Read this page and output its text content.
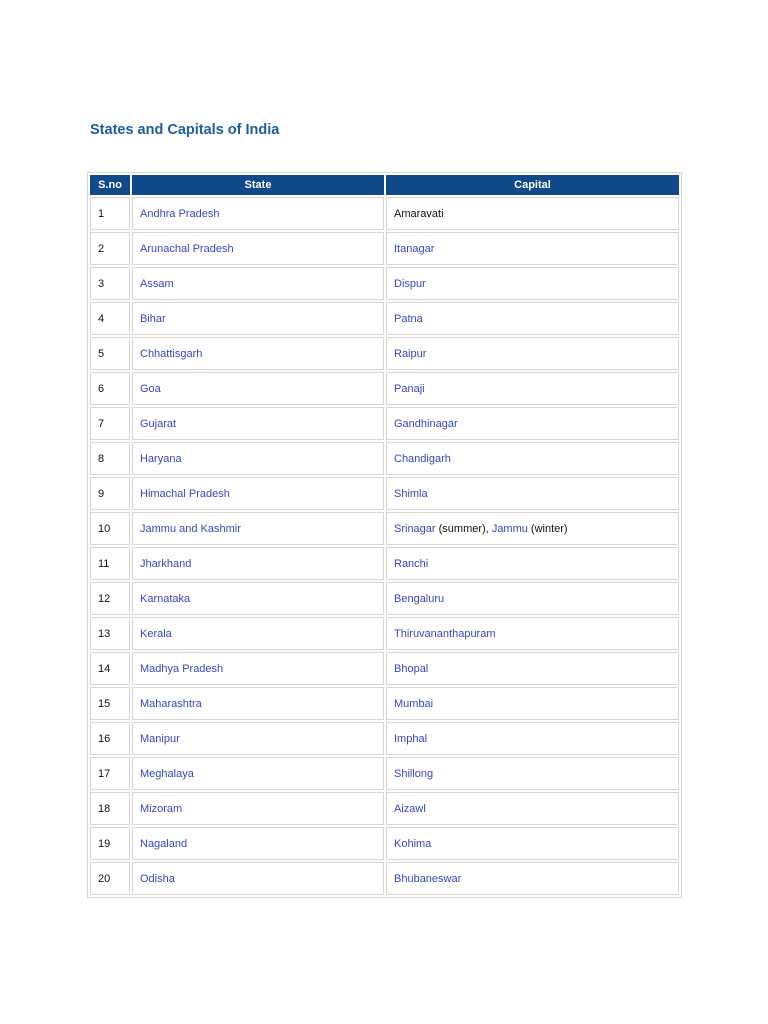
States and Capitals of India
S.no	State	Capital
1	Andhra Pradesh	Amaravati
2	Arunachal Pradesh	Itanagar
3	Assam	Dispur
4	Bihar	Patna
5	Chhattisgarh	Raipur
6	Goa	Panaji
7	Gujarat	Gandhinagar
8	Haryana	Chandigarh
9	Himachal Pradesh	Shimla
10	Jammu and Kashmir	Srinagar (summer), Jammu (winter)
11	Jharkhand	Ranchi
12	Karnataka	Bengaluru
13	Kerala	Thiruvananthapuram
14	Madhya Pradesh	Bhopal
15	Maharashtra	Mumbai
16	Manipur	Imphal
17	Meghalaya	Shillong
18	Mizoram	Aizawl
19	Nagaland	Kohima
20	Odisha	Bhubaneswar
